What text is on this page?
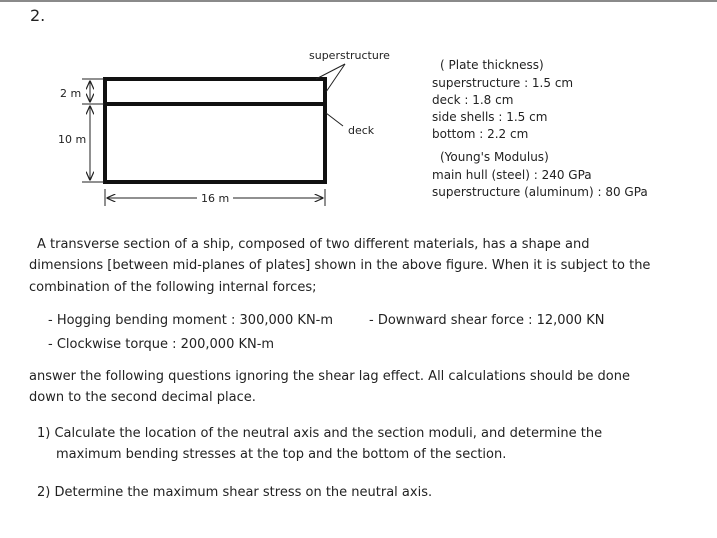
2.
superstructure
deck
2 m
10 m
16 m
( Plate thickness)
superstructure : 1.5 cm
deck : 1.8 cm
side shells : 1.5 cm
bottom : 2.2 cm
(Young's Modulus)
main hull (steel) : 240 GPa
superstructure (aluminum) : 80 GPa
A transverse section of a ship, composed of two different materials, has a shape and
dimensions [between mid-planes of plates] shown in the above figure. When it is subject to the
combination of the following internal forces;
- Hogging bending moment : 300,000 KN-m	- Downward shear force : 12,000 KN
- Clockwise torque : 200,000 KN-m
answer the following questions ignoring the shear lag effect. All calculations should be done
down to the second decimal place.
1) Calculate the location of the neutral axis and the section moduli, and determine the
maximum bending stresses at the top and the bottom of the section.
2) Determine the maximum shear stress on the neutral axis.
